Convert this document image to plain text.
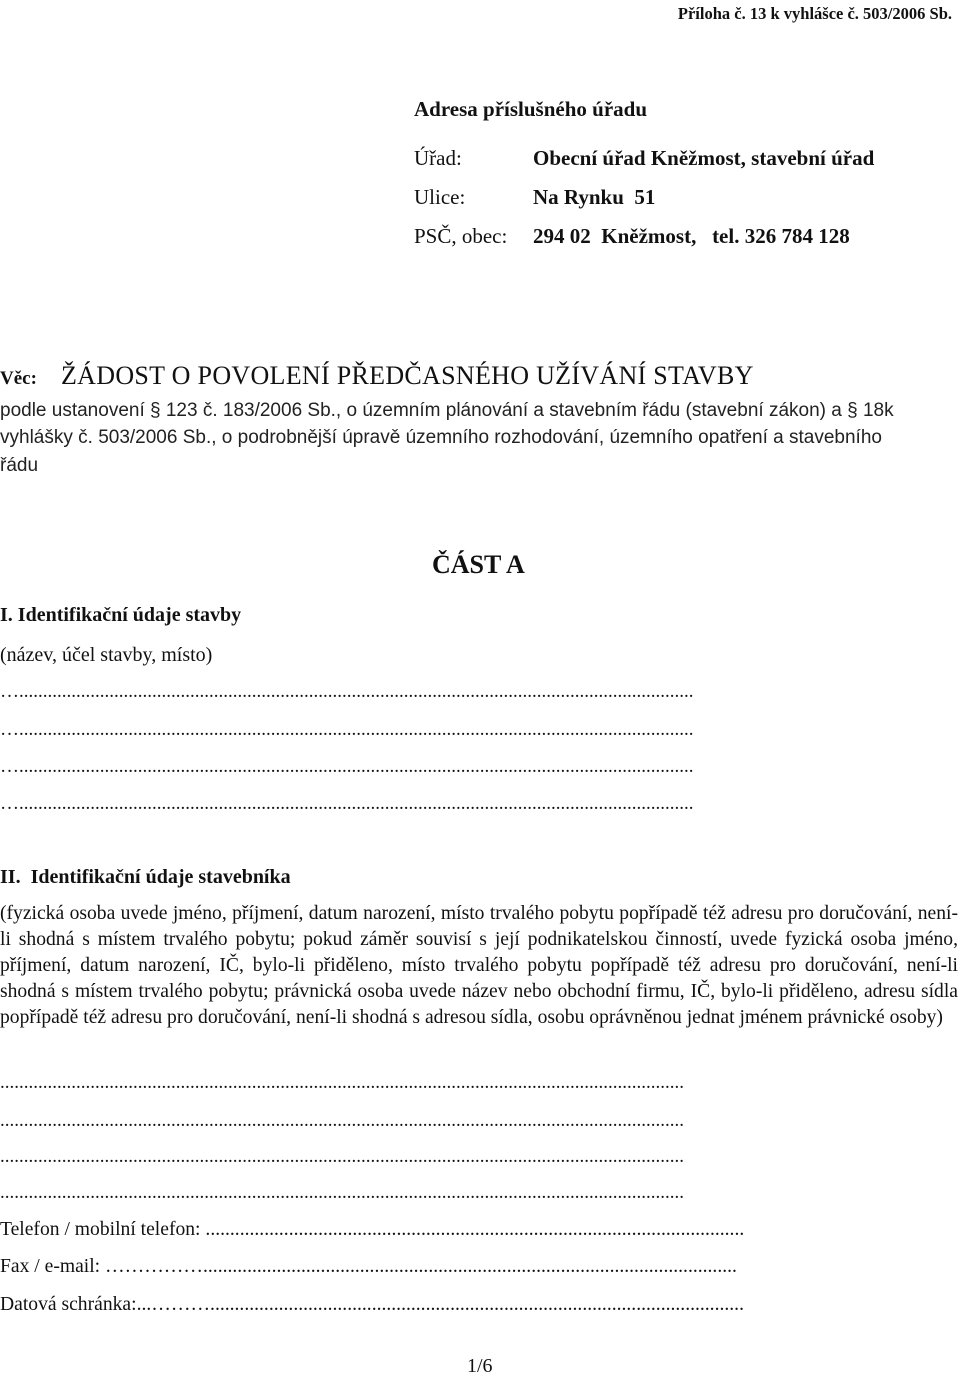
Příloha č. 13 k vyhlášce č. 503/2006 Sb.
Adresa příslušného úřadu
Úřad:	Obecní úřad Kněžmost, stavební úřad
Ulice:	Na Rynku  51
PSČ, obec: 294 02  Kněžmost,   tel. 326 784 128
Věc: ŽÁDOST O POVOLENÍ PŘEDČASNÉHO UŽÍVÁNÍ STAVBY
podle ustanovení § 123 č. 183/2006 Sb., o územním plánování a stavebním řádu (stavební zákon) a § 18k
vyhlášky č. 503/2006 Sb., o podrobnější úpravě územního rozhodování, územního opatření a stavebního
řádu
ČÁST A
I. Identifikační údaje stavby
(název, účel stavby, místo)
…..............................................................................................................................................
…..............................................................................................................................................
…..............................................................................................................................................
…..............................................................................................................................................
II.  Identifikační údaje stavebníka
(fyzická osoba uvede jméno, příjmení, datum narození, místo trvalého pobytu popřípadě též adresu pro doručování, není-li shodná s místem trvalého pobytu; pokud záměr souvisí s její podnikatelskou činností, uvede fyzická osoba jméno, příjmení, datum narození, IČ, bylo-li přiděleno, místo trvalého pobytu popřípadě též adresu pro doručování, není-li shodná s místem trvalého pobytu; právnická osoba uvede název nebo obchodní firmu, IČ, bylo-li přiděleno, adresu sídla popřípadě též adresu pro doručování, není-li shodná s adresou sídla, osobu oprávněnou jednat jménem právnické osoby)
................................................................................................................................................
................................................................................................................................................
................................................................................................................................................
................................................................................................................................................
Telefon / mobilní telefon: ..............................................................................................................
Fax / e-mail: …………….............................................................................................................
Datová schránka:...……….............................................................................................................
1/6
